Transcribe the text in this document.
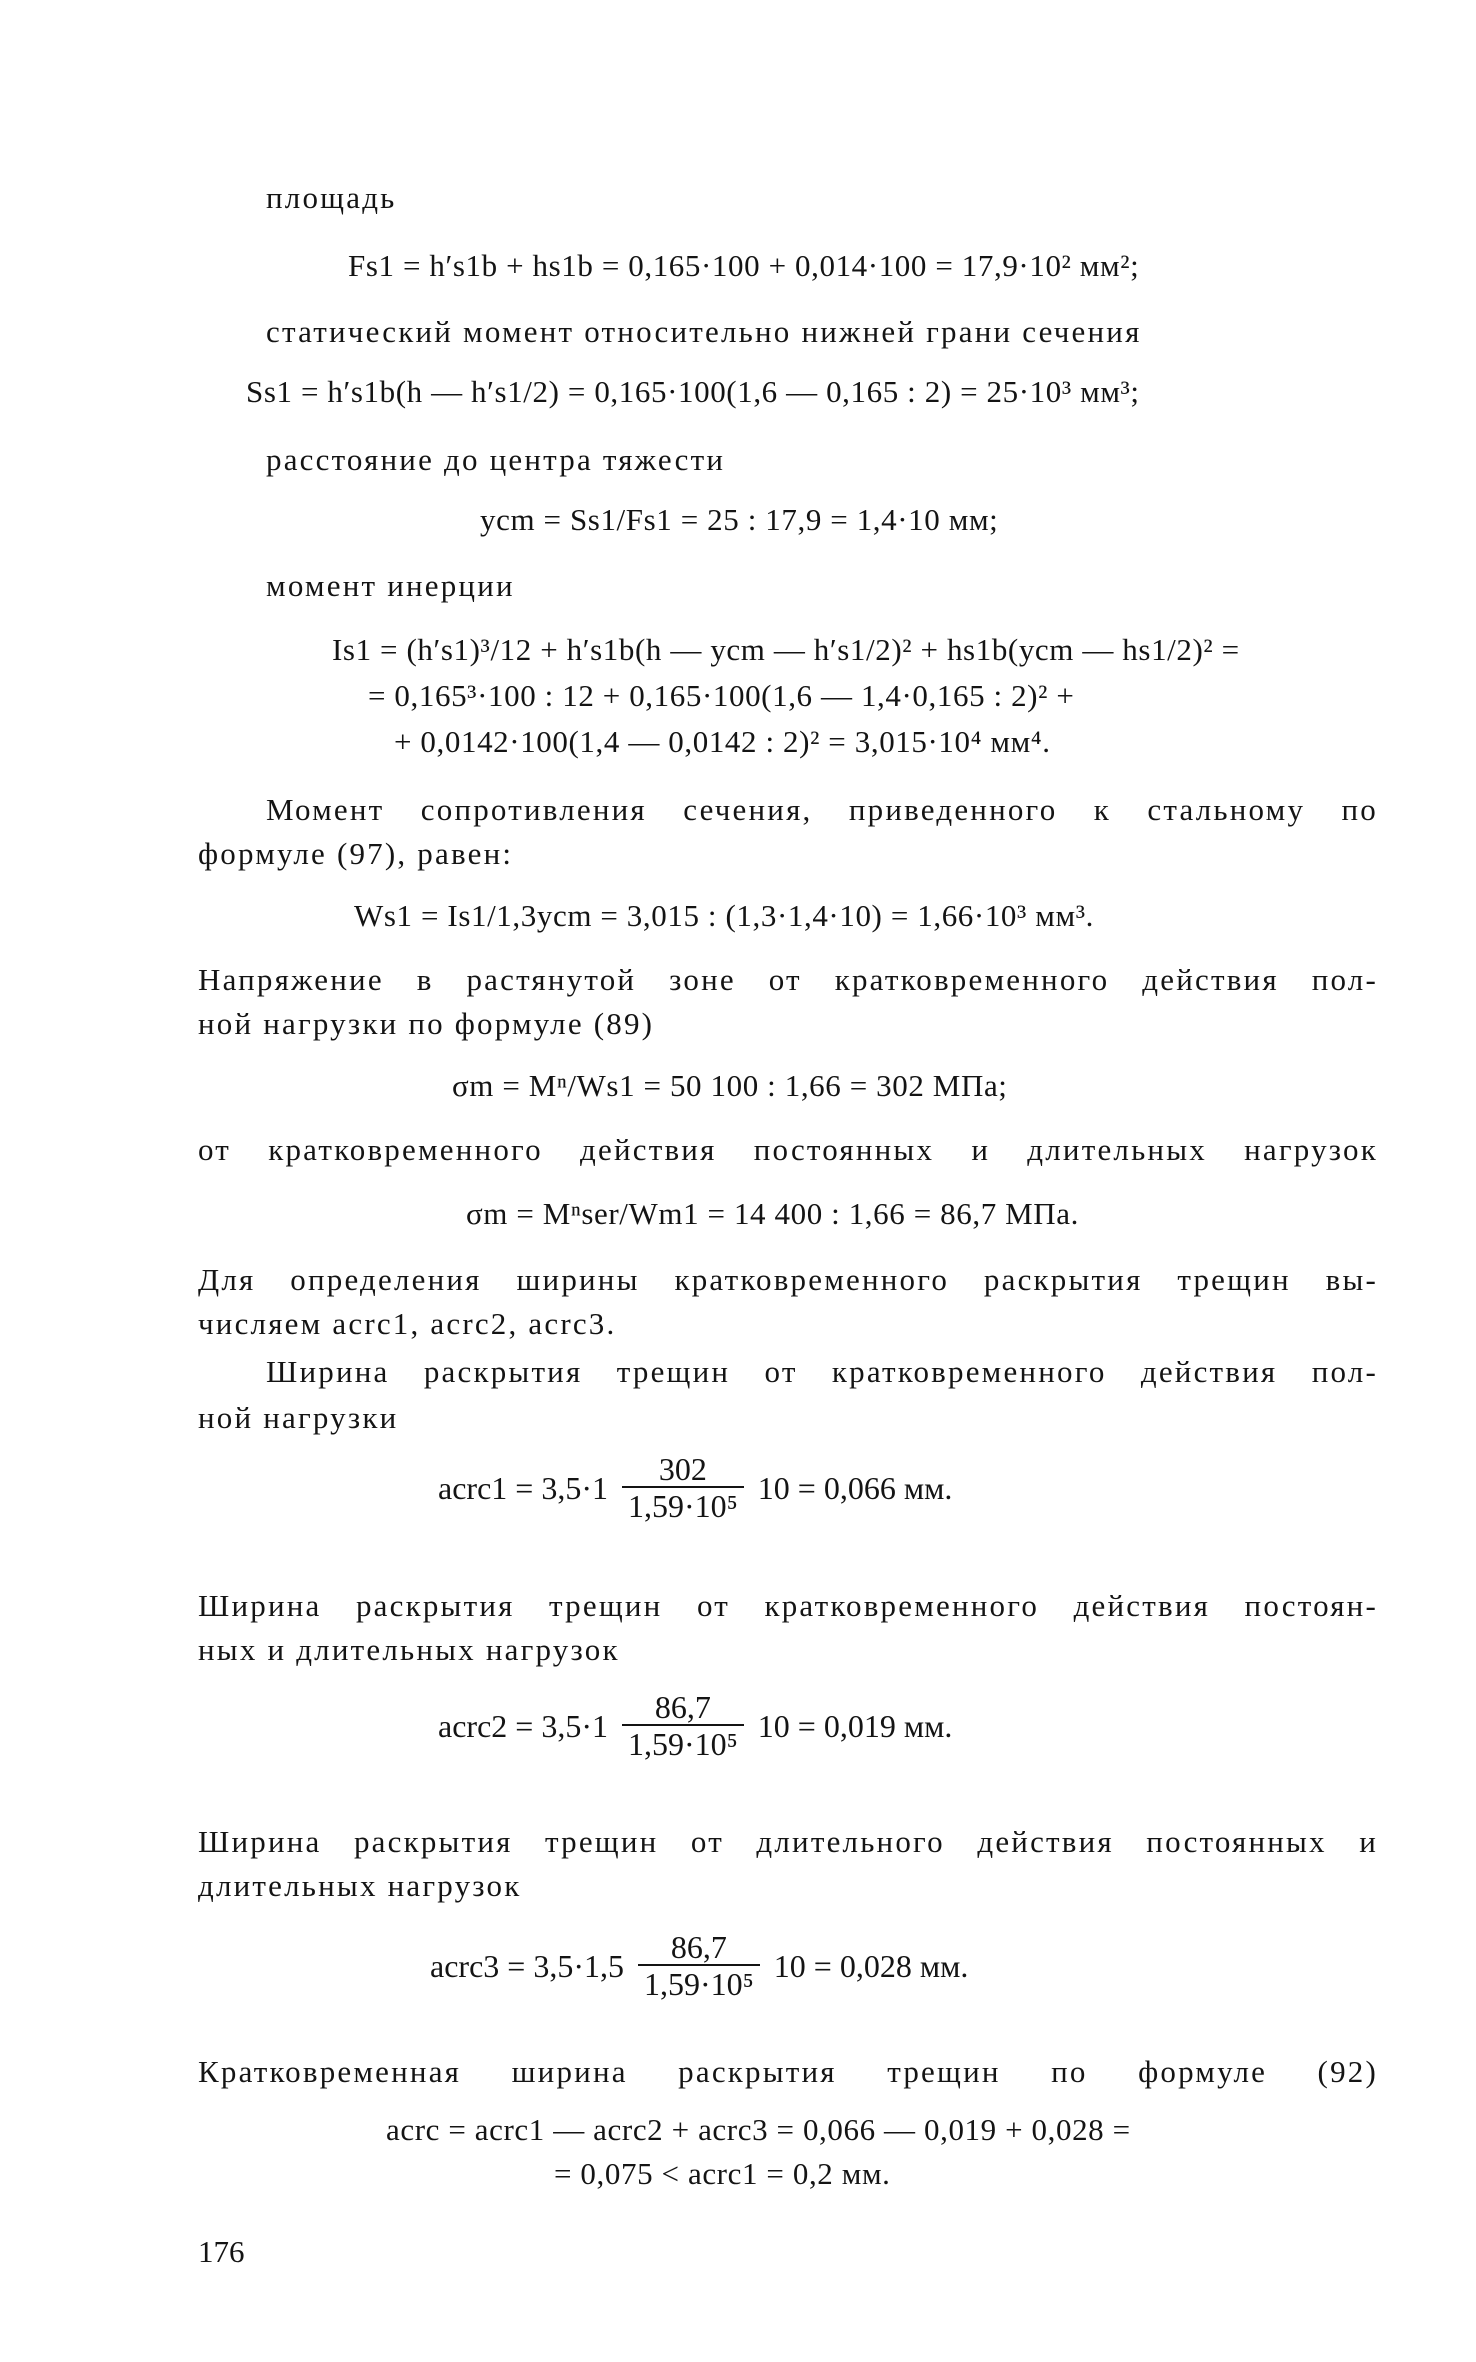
площадь
Fs1 = h′s1b + hs1b = 0,165·100 + 0,014·100 = 17,9·10² мм²;
статический момент относительно нижней грани сечения
Ss1 = h′s1b(h — h′s1/2) = 0,165·100(1,6 — 0,165 : 2) = 25·10³ мм³;
расстояние до центра тяжести
ycm = Ss1/Fs1 = 25 : 17,9 = 1,4·10 мм;
момент инерции
Is1 = (h′s1)³/12 + h′s1b(h — ycm — h′s1/2)² + hs1b(ycm — hs1/2)² =
= 0,165³·100 : 12 + 0,165·100(1,6 — 1,4·0,165 : 2)² +
+ 0,0142·100(1,4 — 0,0142 : 2)² = 3,015·10⁴ мм⁴.
Момент сопротивления сечения, приведенного к стальному по
формуле (97), равен:
Ws1 = Is1/1,3ycm = 3,015 : (1,3·1,4·10) = 1,66·10³ мм³.
Напряжение в растянутой зоне от кратковременного действия пол-
ной нагрузки по формуле (89)
σm = Mⁿ/Ws1 = 50 100 : 1,66 = 302 МПа;
от кратковременного действия постоянных и длительных нагрузок
σm = Mⁿser/Wm1 = 14 400 : 1,66 = 86,7 МПа.
Для определения ширины кратковременного раскрытия трещин вы-
числяем acrc1, acrc2, acrc3.
Ширина раскрытия трещин от кратковременного действия пол-
ной нагрузки
acrc1 = $3,5\cdot 1 \frac{302}{\text{1,59·10⁵}} 10 = 0,066$ мм.
Ширина раскрытия трещин от кратковременного действия постоян-
ных и длительных нагрузок
acrc2 = $3,5\cdot 1 \frac{86,7}{\text{1,59·10⁵}} 10 = 0,019$ мм.
Ширина раскрытия трещин от длительного действия постоянных и
длительных нагрузок
acrc3 = $3,5\cdot 1,5 \frac{86,7}{\text{1,59·10⁵}} 10 = 0,028$ мм.
Кратковременная ширина раскрытия трещин по формуле (92)
acrc = acrc1 — acrc2 + acrc3 = 0,066 — 0,019 + 0,028 =
= 0,075 < acrc1 = 0,2 мм.
176
